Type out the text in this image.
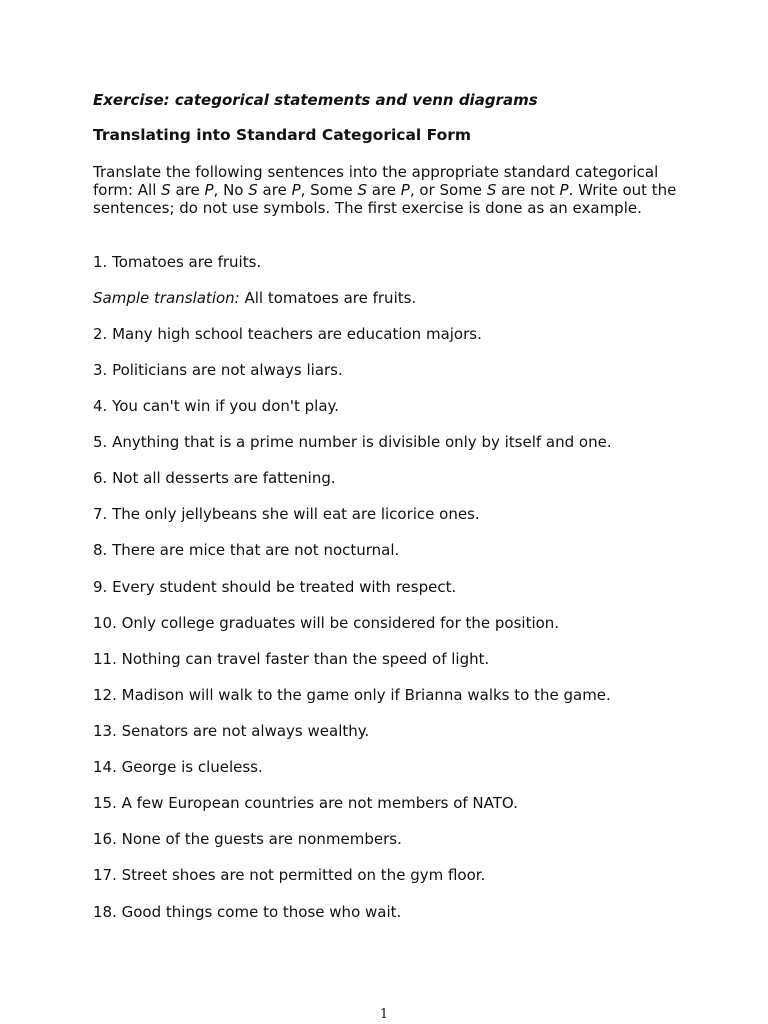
Exercise: categorical statements and venn diagrams
Translating into Standard Categorical Form
Translate the following sentences into the appropriate standard categorical form: All S are P, No S are P, Some S are P, or Some S are not P. Write out the sentences; do not use symbols. The first exercise is done as an example.
1. Tomatoes are fruits.
Sample translation: All tomatoes are fruits.
2. Many high school teachers are education majors.
3. Politicians are not always liars.
4. You can't win if you don't play.
5. Anything that is a prime number is divisible only by itself and one.
6. Not all desserts are fattening.
7. The only jellybeans she will eat are licorice ones.
8. There are mice that are not nocturnal.
9. Every student should be treated with respect.
10. Only college graduates will be considered for the position.
11. Nothing can travel faster than the speed of light.
12. Madison will walk to the game only if Brianna walks to the game.
13. Senators are not always wealthy.
14. George is clueless.
15. A few European countries are not members of NATO.
16. None of the guests are nonmembers.
17. Street shoes are not permitted on the gym floor.
18. Good things come to those who wait.
1
